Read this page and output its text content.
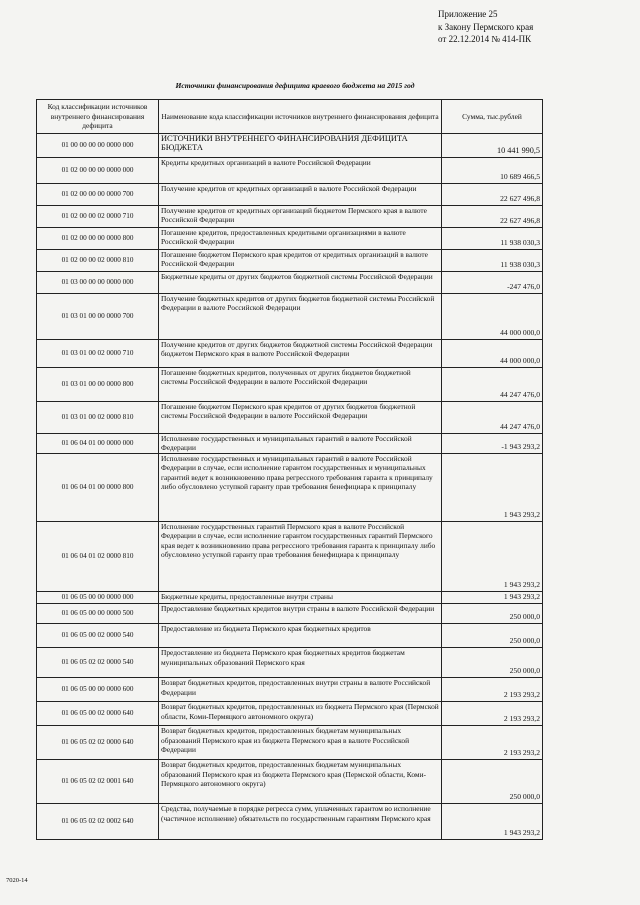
Приложение 25
к Закону Пермского края
от 22.12.2014 № 414-ПК
Источники финансирования дефицита краевого бюджета на 2015 год
Код классификации источников внутреннего финансирования дефицита	Наименование кода классификации источников внутреннего финансирования дефицита	Сумма, тыс.рублей
01 00 00 00 00 0000 000	ИСТОЧНИКИ ВНУТРЕННЕГО ФИНАНСИРОВАНИЯ ДЕФИЦИТА БЮДЖЕТА	10 441 990,5
01 02 00 00 00 0000 000	Кредиты кредитных организаций в валюте Российской Федерации	10 689 466,5
01 02 00 00 00 0000 700	Получение кредитов от кредитных организаций в валюте Российской Федерации	22 627 496,8
01 02 00 00 02 0000 710	Получение кредитов от кредитных организаций бюджетом Пермского края в валюте Российской Федерации	22 627 496,8
01 02 00 00 00 0000 800	Погашение кредитов, предоставленных кредитными организациями в валюте Российской Федерации	11 938 030,3
01 02 00 00 02 0000 810	Погашение бюджетом Пермского края кредитов от кредитных организаций в валюте Российской Федерации	11 938 030,3
01 03 00 00 00 0000 000	Бюджетные кредиты от других бюджетов бюджетной системы Российской Федерации	-247 476,0
01 03 01 00 00 0000 700	Получение бюджетных кредитов от других бюджетов бюджетной системы Российской Федерации в валюте Российской Федерации	44 000 000,0
01 03 01 00 02 0000 710	Получение кредитов от других бюджетов бюджетной системы Российской Федерации бюджетом Пермского края в валюте Российской Федерации	44 000 000,0
01 03 01 00 00 0000 800	Погашение бюджетных кредитов, полученных от других бюджетов бюджетной системы Российской Федерации в валюте Российской Федерации	44 247 476,0
01 03 01 00 02 0000 810	Погашение бюджетом Пермского края кредитов от других бюджетов бюджетной системы Российской Федерации в валюте Российской Федерации	44 247 476,0
01 06 04 01 00 0000 000	Исполнение государственных и муниципальных гарантий в валюте Российской Федерации	-1 943 293,2
01 06 04 01 00 0000 800	Исполнение государственных и муниципальных гарантий в валюте Российской Федерации в случае, если исполнение гарантом государственных и муниципальных гарантий ведет к возникновению права регрессного требования гаранта к принципалу либо обусловлено уступкой гаранту прав требования бенефициара к принципалу	1 943 293,2
01 06 04 01 02 0000 810	Исполнение государственных гарантий Пермского края в валюте Российской Федерации в случае, если исполнение гарантом государственных гарантий Пермского края ведет к возникновению права регрессного требования гаранта к принципалу либо обусловлено уступкой гаранту прав требования бенефициара к принципалу	1 943 293,2
01 06 05 00 00 0000 000	Бюджетные кредиты, предоставленные внутри страны	1 943 293,2
01 06 05 00 00 0000 500	Предоставление бюджетных кредитов внутри страны в валюте Российской Федерации	250 000,0
01 06 05 00 02 0000 540	Предоставление из бюджета Пермского края бюджетных кредитов	250 000,0
01 06 05 02 02 0000 540	Предоставление из бюджета Пермского края бюджетных кредитов бюджетам муниципальных образований Пермского края	250 000,0
01 06 05 00 00 0000 600	Возврат бюджетных кредитов, предоставленных внутри страны в валюте Российской Федерации	2 193 293,2
01 06 05 00 02 0000 640	Возврат бюджетных кредитов, предоставленных из бюджета Пермского края (Пермской области, Коми-Пермяцкого автономного округа)	2 193 293,2
01 06 05 02 02 0000 640	Возврат бюджетных кредитов, предоставленных бюджетам муниципальных образований Пермского края из бюджета Пермского края в валюте Российской Федерации	2 193 293,2
01 06 05 02 02 0001 640	Возврат бюджетных кредитов, предоставленных бюджетам муниципальных образований Пермского края из бюджета Пермского края (Пермской области, Коми-Пермяцкого автономного округа)	250 000,0
01 06 05 02 02 0002 640	Средства, получаемые в порядке регресса сумм, уплаченных гарантом во исполнение (частичное исполнение) обязательств по государственным гарантиям Пермского края	1 943 293,2
7020-14
